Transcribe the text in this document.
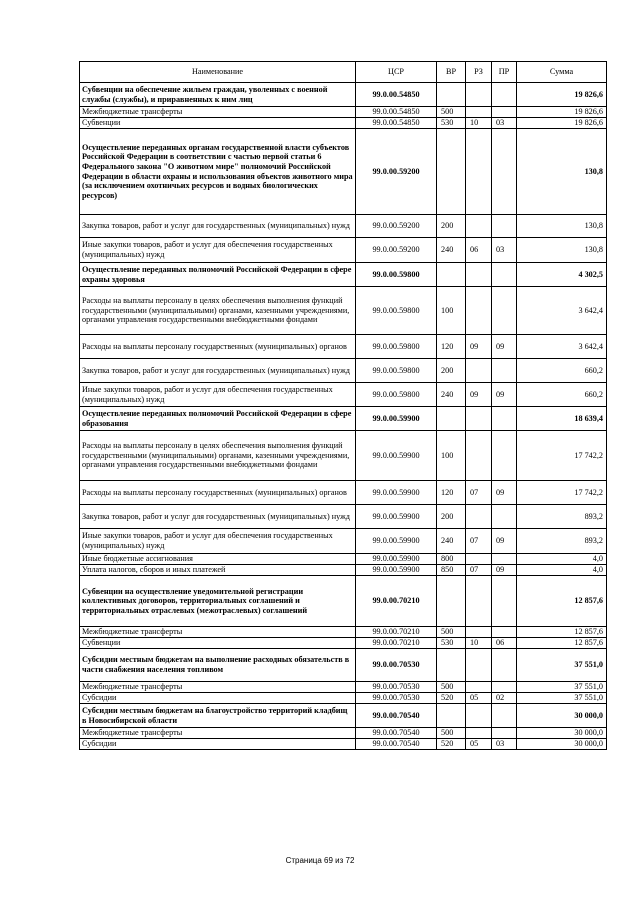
Наименование	ЦСР	ВР	РЗ	ПР	Сумма
Субвенции на обеспечение жильем граждан, уволенных с военной службы (службы), и приравненных к ним лиц	99.0.00.54850				19 826,6
Межбюджетные трансферты	99.0.00.54850	500			19 826,6
Субвенции	99.0.00.54850	530	10	03	19 826,6
Осуществление переданных органам государственной власти субъектов Российской Федерации в соответствии с частью первой статьи 6 Федерального закона "О животном мире" полномочий Российской Федерации в области охраны и использования объектов животного мира (за исключением охотничьих ресурсов и водных биологических ресурсов)	99.0.00.59200				130,8
Закупка товаров, работ и услуг для государственных (муниципальных) нужд	99.0.00.59200	200			130,8
Иные закупки товаров, работ и услуг для обеспечения государственных (муниципальных) нужд	99.0.00.59200	240	06	03	130,8
Осуществление переданных полномочий Российской Федерации в сфере охраны здоровья	99.0.00.59800				4 302,5
Расходы на выплаты персоналу в целях обеспечения выполнения функций государственными (муниципальными) органами, казенными учреждениями, органами управления государственными внебюджетными фондами	99.0.00.59800	100			3 642,4
Расходы на выплаты персоналу государственных (муниципальных) органов	99.0.00.59800	120	09	09	3 642,4
Закупка товаров, работ и услуг для государственных (муниципальных) нужд	99.0.00.59800	200			660,2
Иные закупки товаров, работ и услуг для обеспечения государственных (муниципальных) нужд	99.0.00.59800	240	09	09	660,2
Осуществление переданных полномочий Российской Федерации в сфере образования	99.0.00.59900				18 639,4
Расходы на выплаты персоналу в целях обеспечения выполнения функций государственными (муниципальными) органами, казенными учреждениями, органами управления государственными внебюджетными фондами	99.0.00.59900	100			17 742,2
Расходы на выплаты персоналу государственных (муниципальных) органов	99.0.00.59900	120	07	09	17 742,2
Закупка товаров, работ и услуг для государственных (муниципальных) нужд	99.0.00.59900	200			893,2
Иные закупки товаров, работ и услуг для обеспечения государственных (муниципальных) нужд	99.0.00.59900	240	07	09	893,2
Иные бюджетные ассигнования	99.0.00.59900	800			4,0
Уплата налогов, сборов и иных платежей	99.0.00.59900	850	07	09	4,0
Субвенции на осуществление уведомительной регистрации коллективных договоров, территориальных соглашений и территориальных отраслевых (межотраслевых) соглашений	99.0.00.70210				12 857,6
Межбюджетные трансферты	99.0.00.70210	500			12 857,6
Субвенции	99.0.00.70210	530	10	06	12 857,6
Субсидии местным бюджетам на выполнение расходных обязательств в части снабжения населения топливом	99.0.00.70530				37 551,0
Межбюджетные трансферты	99.0.00.70530	500			37 551,0
Субсидии	99.0.00.70530	520	05	02	37 551,0
Субсидии местным бюджетам на благоустройство территорий кладбищ в Новосибирской области	99.0.00.70540				30 000,0
Межбюджетные трансферты	99.0.00.70540	500			30 000,0
Субсидии	99.0.00.70540	520	05	03	30 000,0
Страница 69 из 72
